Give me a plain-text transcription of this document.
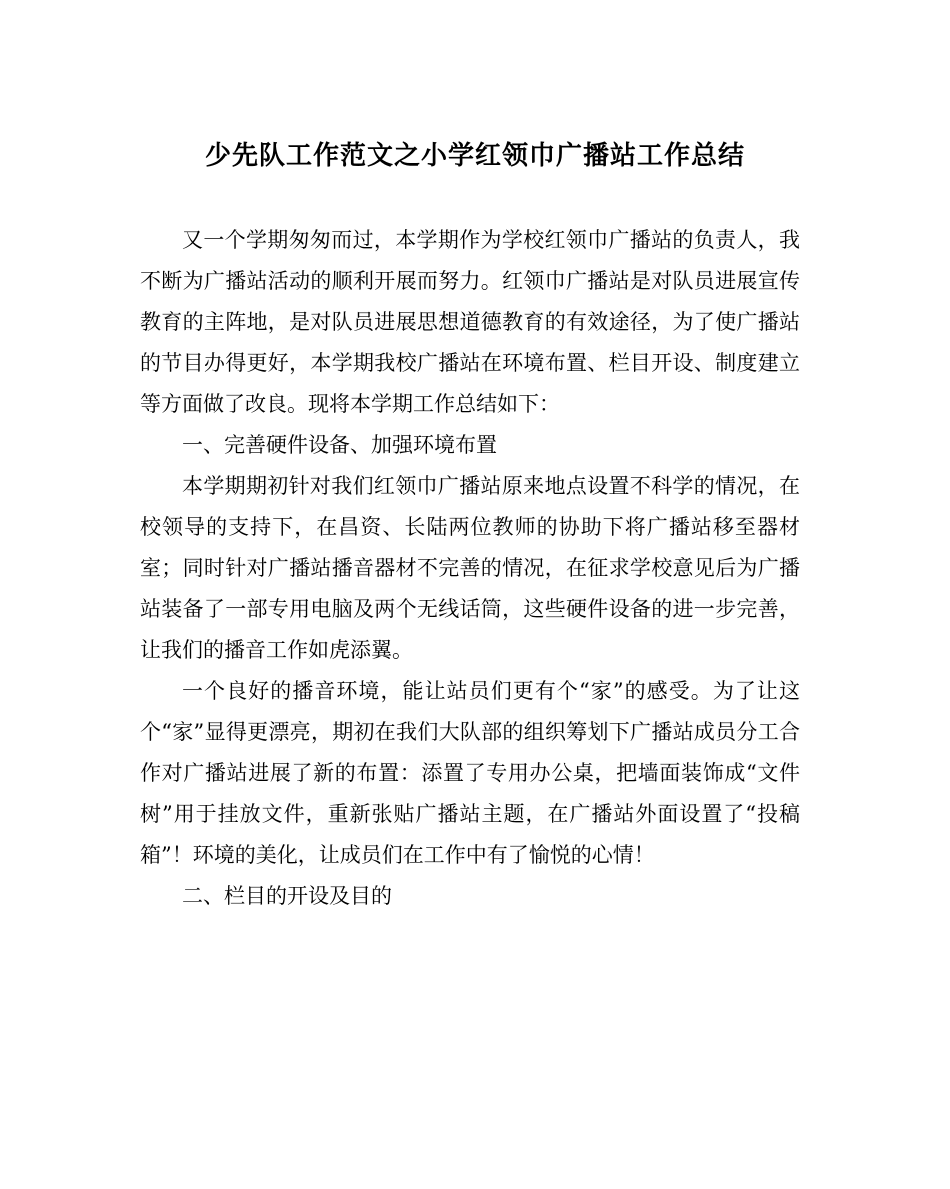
少先队工作范文之小学红领巾广播站工作总结

又一个学期匆匆而过，本学期作为学校红领巾广播站的负责人，我不断为广播站活动的顺利开展而努力。红领巾广播站是对队员进展宣传教育的主阵地，是对队员进展思想道德教育的有效途径，为了使广播站的节目办得更好，本学期我校广播站在环境布置、栏目开设、制度建立等方面做了改良。现将本学期工作总结如下：

一、完善硬件设备、加强环境布置

本学期期初针对我们红领巾广播站原来地点设置不科学的情况，在校领导的支持下，在昌资、长陆两位教师的协助下将广播站移至器材室；同时针对广播站播音器材不完善的情况，在征求学校意见后为广播站装备了一部专用电脑及两个无线话筒，这些硬件设备的进一步完善，让我们的播音工作如虎添翼。

一个良好的播音环境，能让站员们更有个“家”的感受。为了让这个“家”显得更漂亮，期初在我们大队部的组织筹划下广播站成员分工合作对广播站进展了新的布置：添置了专用办公桌，把墙面装饰成“文件树”用于挂放文件，重新张贴广播站主题，在广播站外面设置了“投稿箱”！环境的美化，让成员们在工作中有了愉悦的心情！

二、栏目的开设及目的
